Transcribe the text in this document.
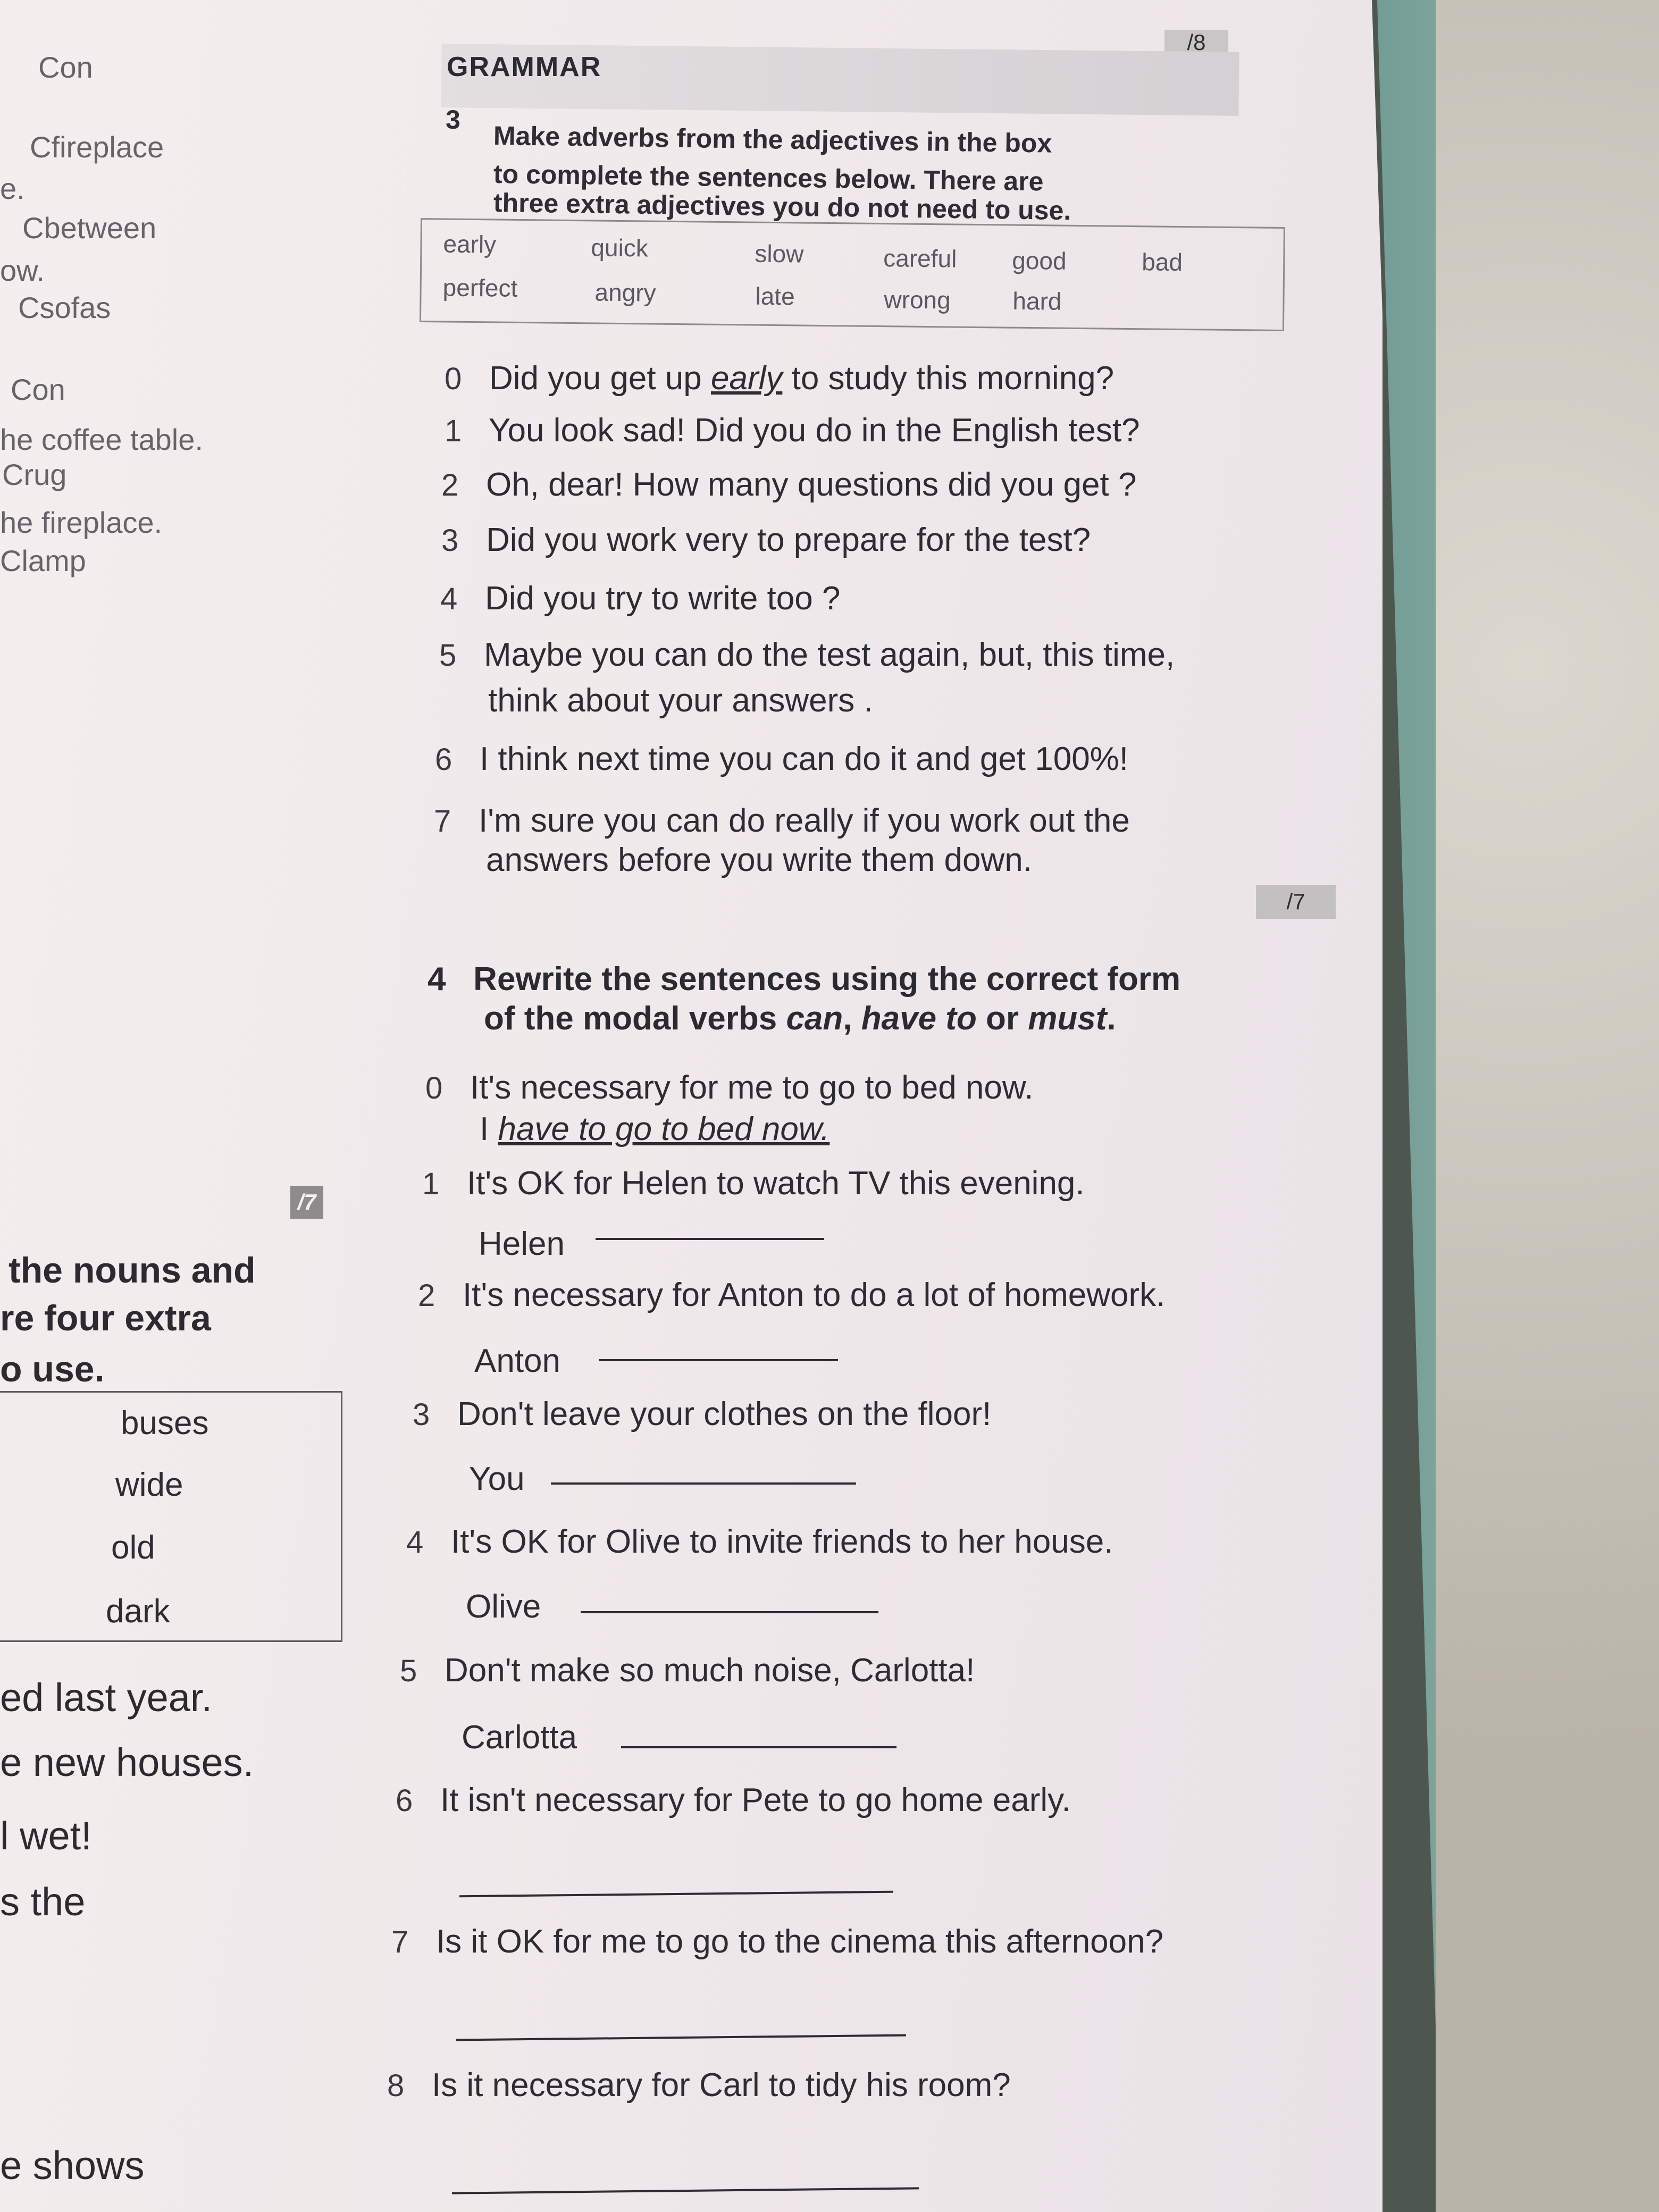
/8
GRAMMAR
3
Make adverbs from the adjectives in the box
to complete the sentences below. There are
three extra adjectives you do not need to use.
early	quick	slow	careful good	bad
perfect	angry	late	wrong	hard
0 Did you get up early to study this morning?
1 You look sad! Did you do in the English test?
2 Oh, dear! How many questions did you get ?
3 Did you work very to prepare for the test?
4 Did you try to write too ?
5 Maybe you can do the test again, but, this time,
think about your answers .
6 I think next time you can do it and get 100%!
7 I'm sure you can do really if you work out the
answers before you write them down.
/7
4 Rewrite the sentences using the correct form
of the modal verbs can, have to or must.
0 It's necessary for me to go to bed now.
I have to go to bed now.
1 It's OK for Helen to watch TV this evening.
Helen
2 It's necessary for Anton to do a lot of homework.
Anton
3 Don't leave your clothes on the floor!
You
4 It's OK for Olive to invite friends to her house.
Olive
5 Don't make so much noise, Carlotta!
Carlotta
6 It isn't necessary for Pete to go home early.
7 Is it OK for me to go to the cinema this afternoon?
8 Is it necessary for Carl to tidy his room?
Con
Cfireplace
e.
Cbetween
ow.
Csofas
Con
he coffee table.
Crug
he fireplace.
Clamp
/7
the nouns and
re four extra
o use.
buses
wide
old
dark
ed last year.
e new houses.
l wet!
s the
e shows
